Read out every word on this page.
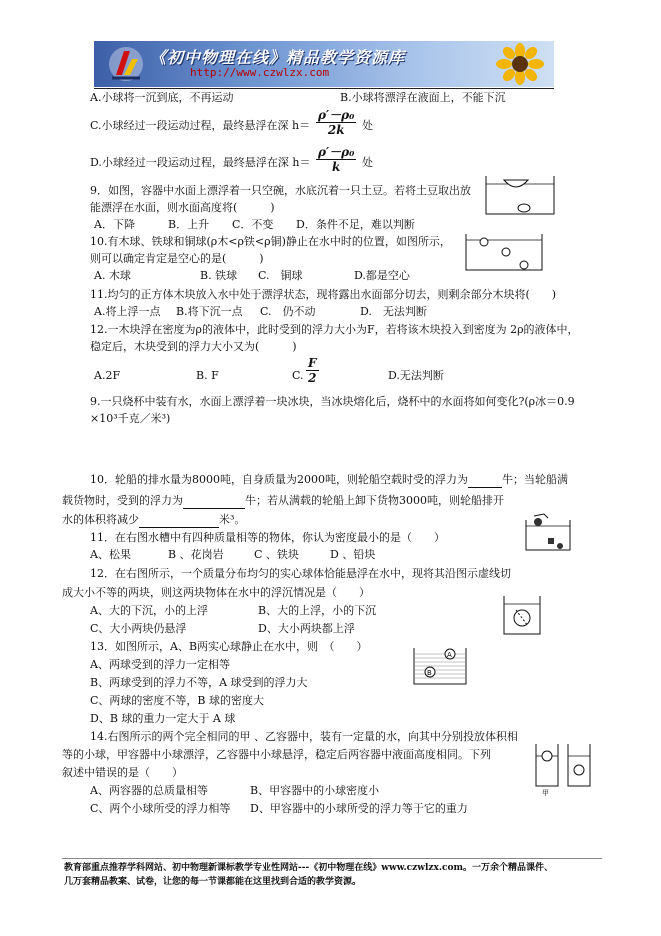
《初中物理在线》精品教学资源库
http://www.czwlzx.com
A.小球将一沉到底，不再运动	B.小球将漂浮在液面上，不能下沉
C.小球经过一段运动过程，最终悬浮在深 $h= \frac{\text{ρ′－ρ₀}}{2k}$ 处
D.小球经过一段运动过程，最终悬浮在深 $h= \frac{\text{ρ′－ρ₀}}{k}$ 处
9．如图，容器中水面上漂浮着一只空碗，水底沉着一只土豆。若将土豆取出放
能漂浮在水面，则水面高度将(　　　)
A．下降	B．上升 C．不变 D．条件不足，难以判断
10.有木球、铁球和铜球(ρ木<ρ铁<ρ铜)静止在水中时的位置，如图所示，
则可以确定肯定是空心的是(　　　)
A. 木球	B. 铁球 C.　铜球	D.都是空心
11.均匀的正方体木块放入水中处于漂浮状态，现将露出水面部分切去，则剩余部分木块将(　　)
A.将上浮一点 B.将下沉一点 C.　仍不动	D.　无法判断
12.一木块浮在密度为ρ的液体中，此时受到的浮力大小为F，若将该木块投入到密度为 2ρ的液体中，
稳定后，木块受到的浮力大小又为(　　　)
A.2F	B. F	C. $\frac{F}{2}$	D.无法判断
9.一只烧杯中装有水，水面上漂浮着一块冰块，当冰块熔化后，烧杯中的水面将如何变化?(ρ冰＝0.9
×10³千克／米³)
10．轮船的排水量为8000吨，自身质量为2000吨，则轮船空载时受的浮力为	牛；当轮船满
载货物时，受到的浮力为	牛；若从满载的轮船上卸下货物3000吨，则轮船排开
水的体积将减少	米³。
11．在右图水槽中有四种质量相等的物体，你认为密度最小的是（　　）
A、松果	B 、花岗岩	C 、铁块	D 、铅块
12．在右图所示，一个质量分布均匀的实心球体恰能悬浮在水中，现将其沿图示虚线切
成大小不等的两块，则这两块物体在水中的浮沉情况是（　　）
A、大的下沉，小的上浮	B、大的上浮，小的下沉
C、大小两块仍悬浮	D、大小两块都上浮
13．如图所示，A、B两实心球静止在水中，则　（　　）
A、两球受到的浮力一定相等
B、两球受到的浮力不等，A 球受到的浮力大
C、两球的密度不等，B 球的密度大
D、B 球的重力一定大于 A 球
A
B
14.右图所示的两个完全相同的甲 、乙容器中，装有一定量的水，向其中分别投放体积相
等的小球，甲容器中小球漂浮，乙容器中小球悬浮，稳定后两容器中液面高度相同。下列
叙述中错误的是（　　）
A、两容器的总质量相等	B、甲容器中的小球密度小
C、两个小球所受的浮力相等 D、甲容器中的小球所受的浮力等于它的重力
甲
教育部重点推荐学科网站、初中物理新课标教学专业性网站---《初中物理在线》www.czwlzx.com。一万余个精品课件、
几万套精品教案、试卷，让您的每一节课都能在这里找到合适的教学资源。
